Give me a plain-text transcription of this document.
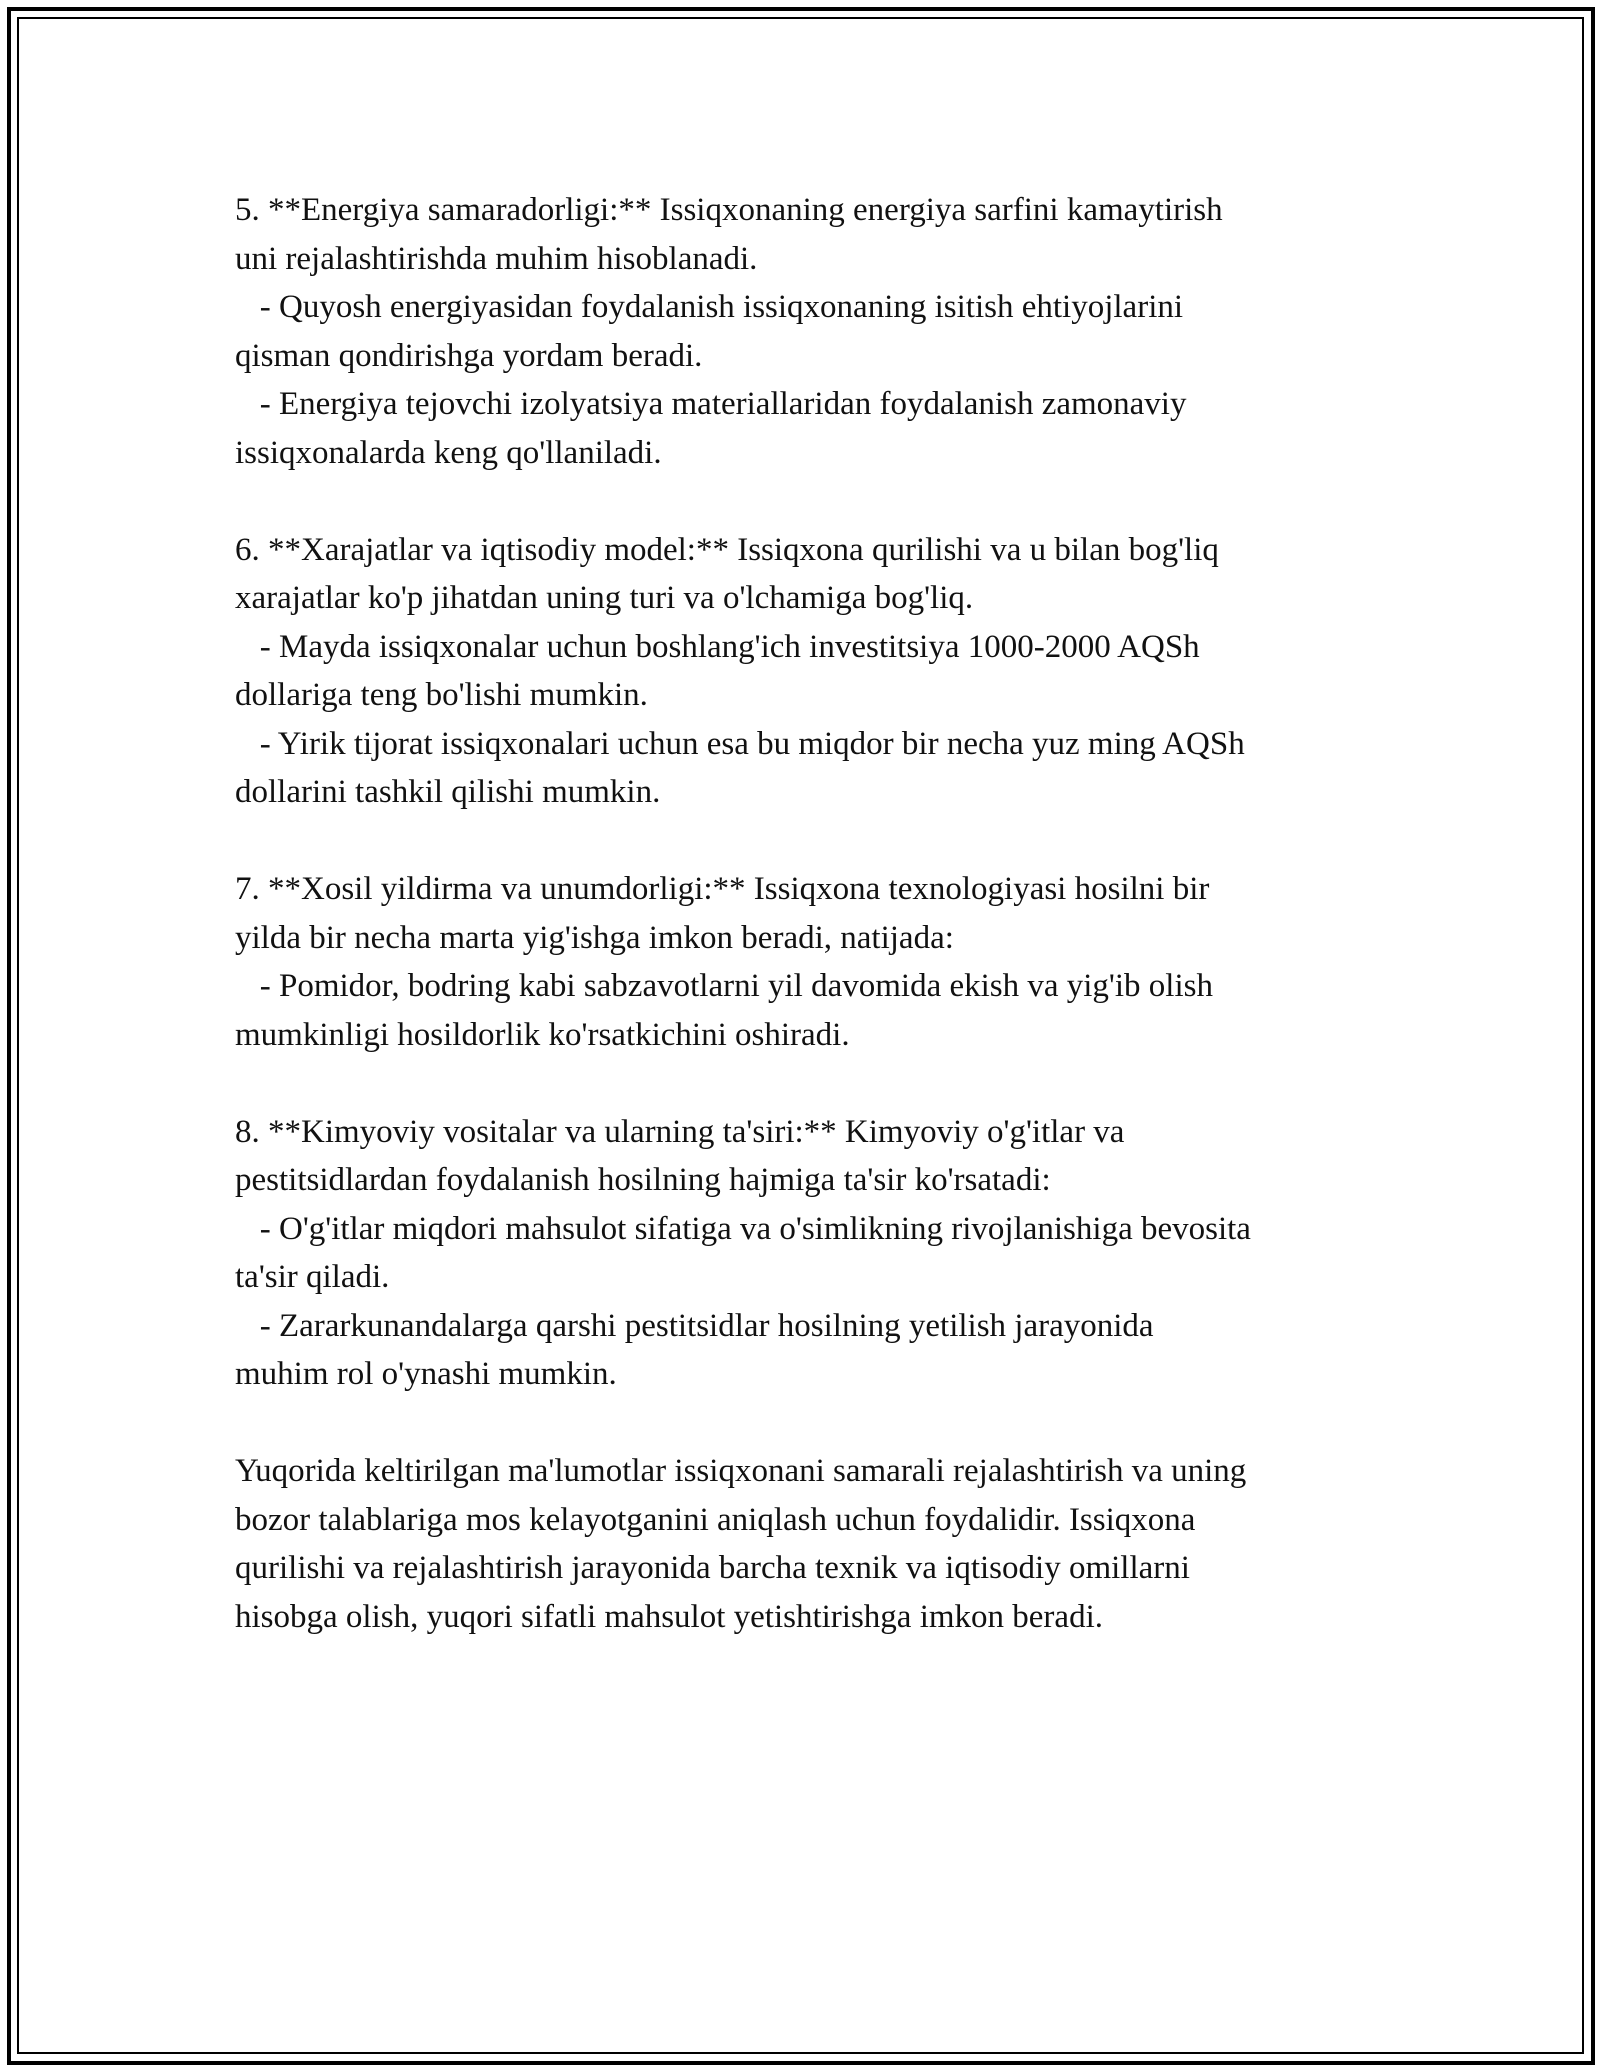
5. **Energiya samaradorligi:** Issiqxonaning energiya sarfini kamaytirish
uni rejalashtirishda muhim hisoblanadi.
- Quyosh energiyasidan foydalanish issiqxonaning isitish ehtiyojlarini
qisman qondirishga yordam beradi.
- Energiya tejovchi izolyatsiya materiallaridan foydalanish zamonaviy
issiqxonalarda keng qo'llaniladi.
6. **Xarajatlar va iqtisodiy model:** Issiqxona qurilishi va u bilan bog'liq
xarajatlar ko'p jihatdan uning turi va o'lchamiga bog'liq.
- Mayda issiqxonalar uchun boshlang'ich investitsiya 1000-2000 AQSh
dollariga teng bo'lishi mumkin.
- Yirik tijorat issiqxonalari uchun esa bu miqdor bir necha yuz ming AQSh
dollarini tashkil qilishi mumkin.
7. **Xosil yildirma va unumdorligi:** Issiqxona texnologiyasi hosilni bir
yilda bir necha marta yig'ishga imkon beradi, natijada:
- Pomidor, bodring kabi sabzavotlarni yil davomida ekish va yig'ib olish
mumkinligi hosildorlik ko'rsatkichini oshiradi.
8. **Kimyoviy vositalar va ularning ta'siri:** Kimyoviy o'g'itlar va
pestitsidlardan foydalanish hosilning hajmiga ta'sir ko'rsatadi:
- O'g'itlar miqdori mahsulot sifatiga va o'simlikning rivojlanishiga bevosita
ta'sir qiladi.
- Zararkunandalarga qarshi pestitsidlar hosilning yetilish jarayonida
muhim rol o'ynashi mumkin.
Yuqorida keltirilgan ma'lumotlar issiqxonani samarali rejalashtirish va uning
bozor talablariga mos kelayotganini aniqlash uchun foydalidir. Issiqxona
qurilishi va rejalashtirish jarayonida barcha texnik va iqtisodiy omillarni
hisobga olish, yuqori sifatli mahsulot yetishtirishga imkon beradi.
